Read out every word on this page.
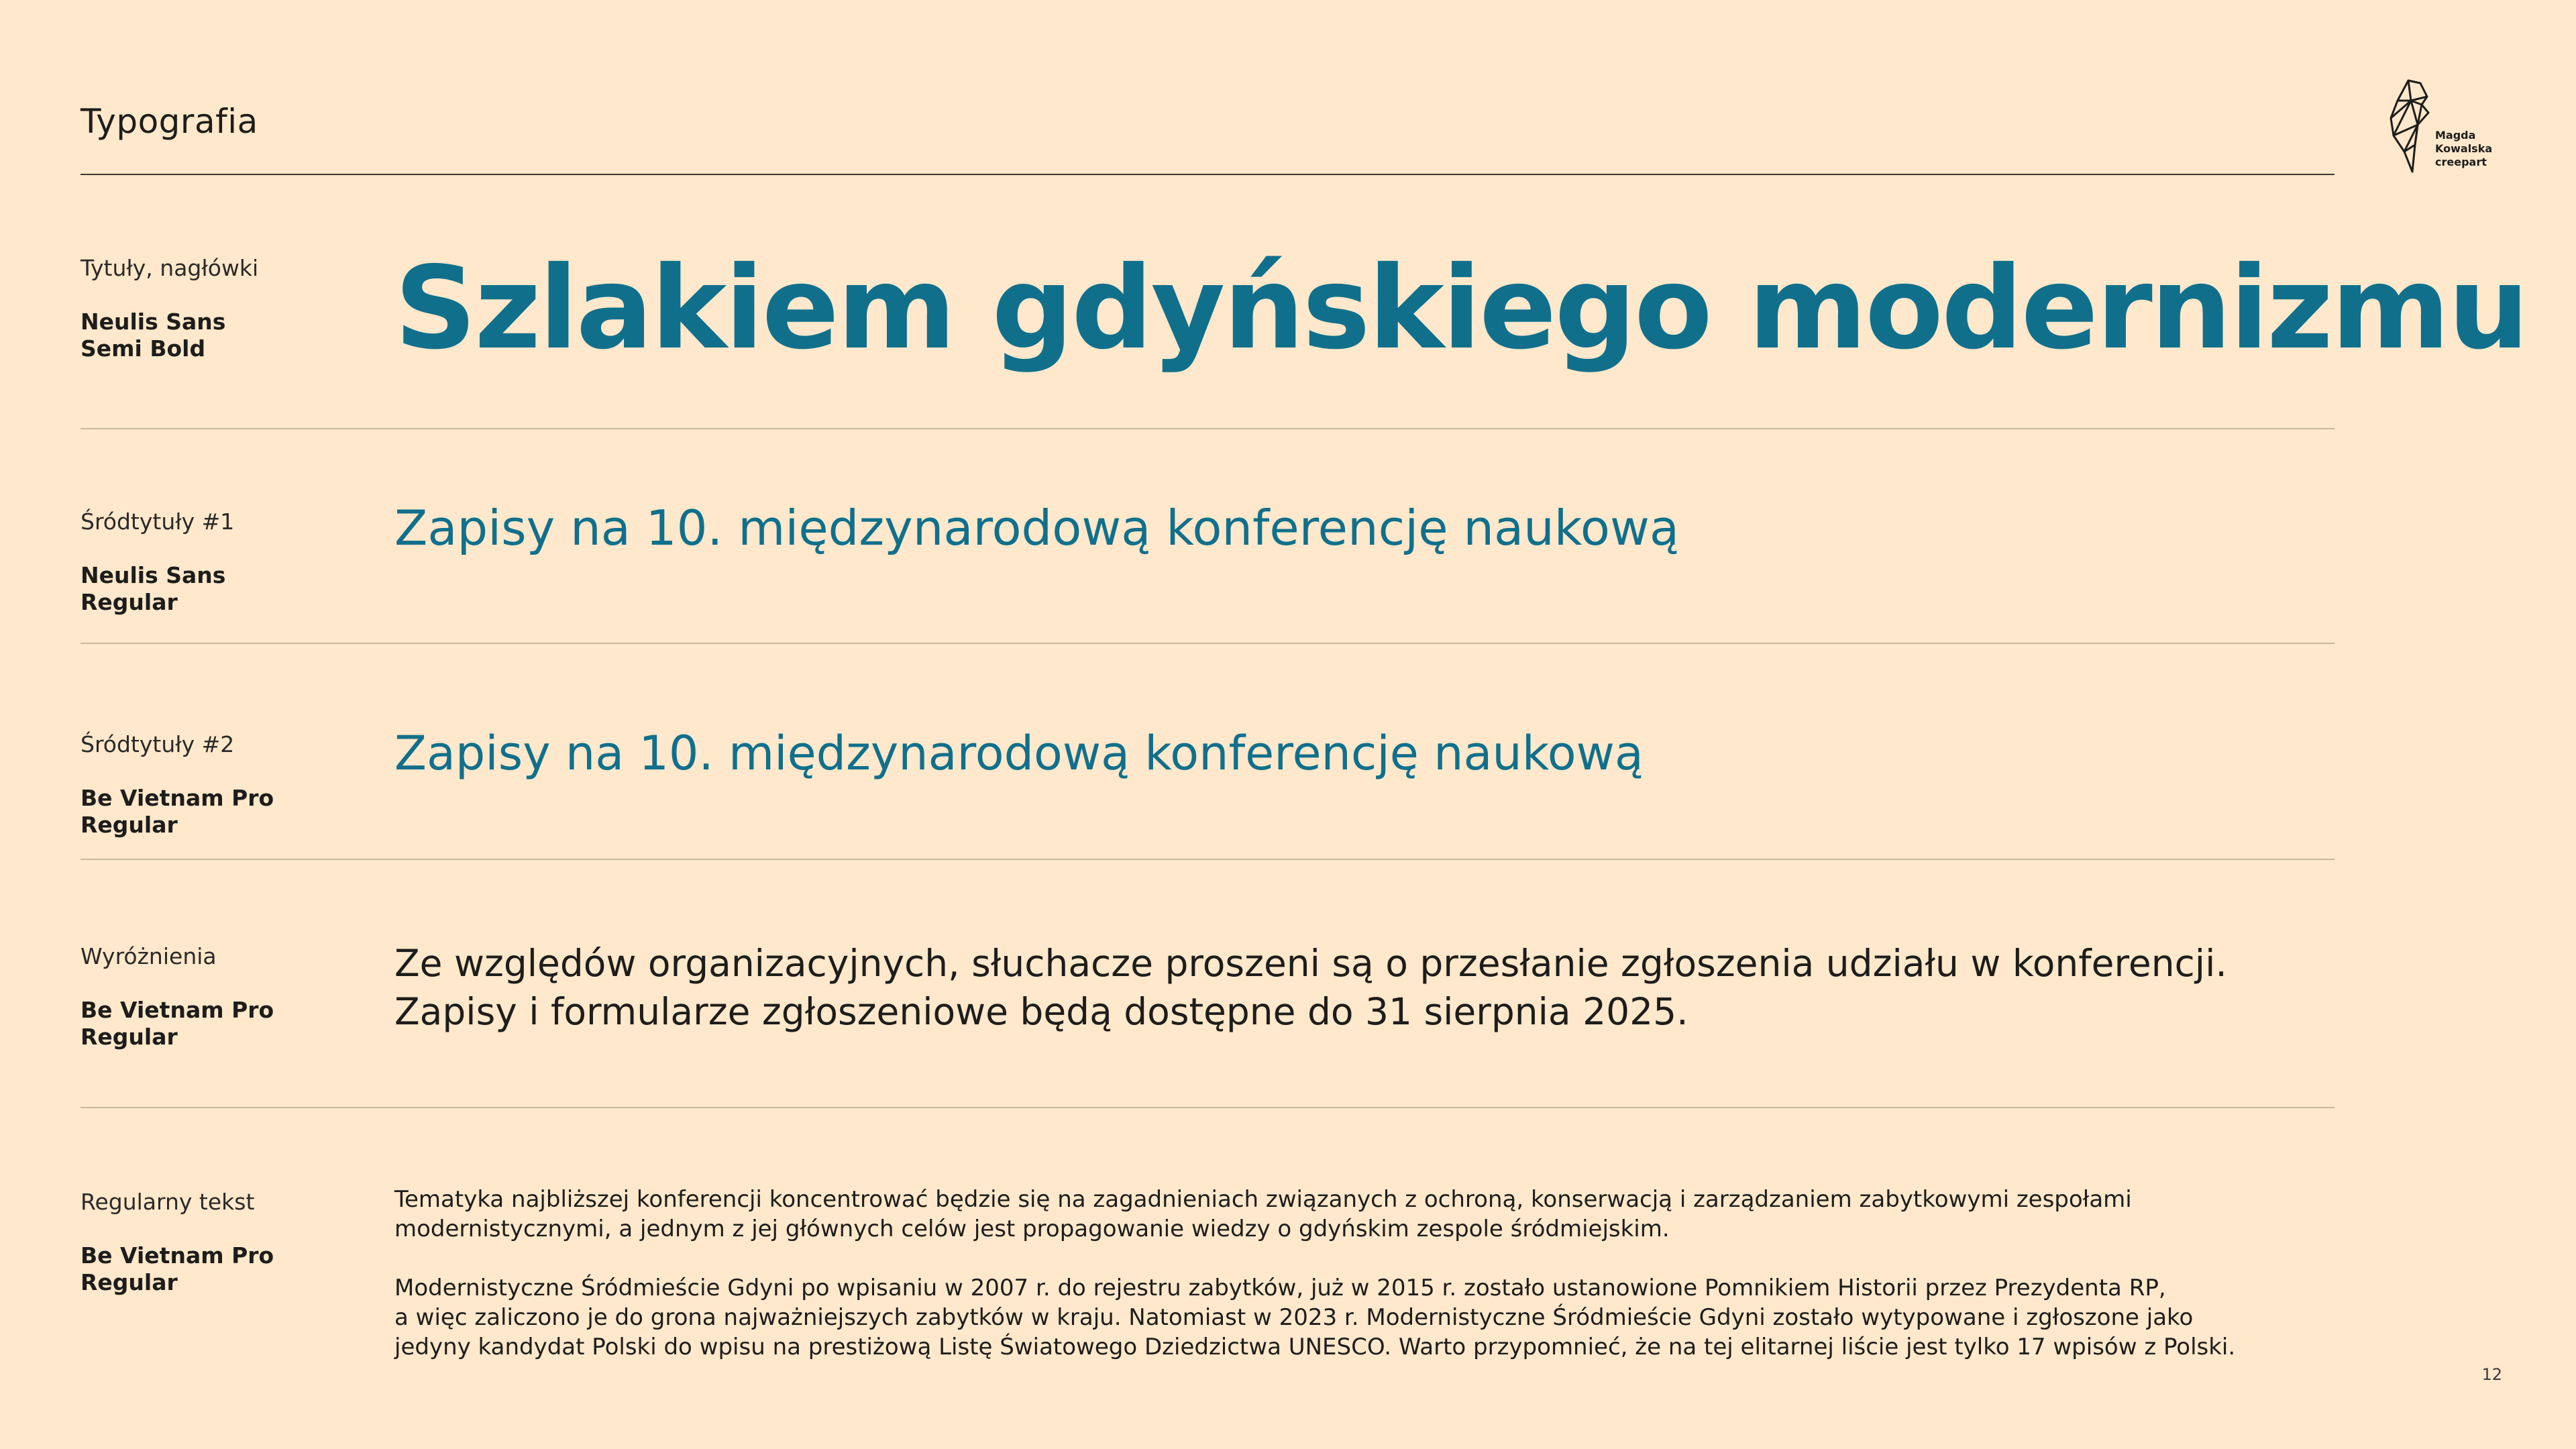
Typografia	Magda
Kowalska
creepart
Tytuły, nagłówki
Neulis Sans
Semi Bold	Szlakiem gdyńskiego modernizmu
Śródtytuły #1
Neulis Sans
Regular
Zapisy na 10. międzynarodową konferencję naukową
Śródtytuły #2
Be Vietnam Pro
Regular
Zapisy na 10. międzynarodową konferencję naukową
Wyróżnienia
Be Vietnam Pro
Regular
Ze względów organizacyjnych, słuchacze proszeni są o przesłanie zgłoszenia udziału w konferencji.
Zapisy i formularze zgłoszeniowe będą dostępne do 31 sierpnia 2025.
Regularny tekst
Be Vietnam Pro
Regular
Tematyka najbliższej konferencji koncentrować będzie się na zagadnieniach związanych z ochroną, konserwacją i zarządzaniem zabytkowymi zespołami
modernistycznymi, a jednym z jej głównych celów jest propagowanie wiedzy o gdyńskim zespole śródmiejskim.
Modernistyczne Śródmieście Gdyni po wpisaniu w 2007 r. do rejestru zabytków, już w 2015 r. zostało ustanowione Pomnikiem Historii przez Prezydenta RP,
a więc zaliczono je do grona najważniejszych zabytków w kraju. Natomiast w 2023 r. Modernistyczne Śródmieście Gdyni zostało wytypowane i zgłoszone jako
jedyny kandydat Polski do wpisu na prestiżową Listę Światowego Dziedzictwa UNESCO. Warto przypomnieć, że na tej elitarnej liście jest tylko 17 wpisów z Polski.
12
